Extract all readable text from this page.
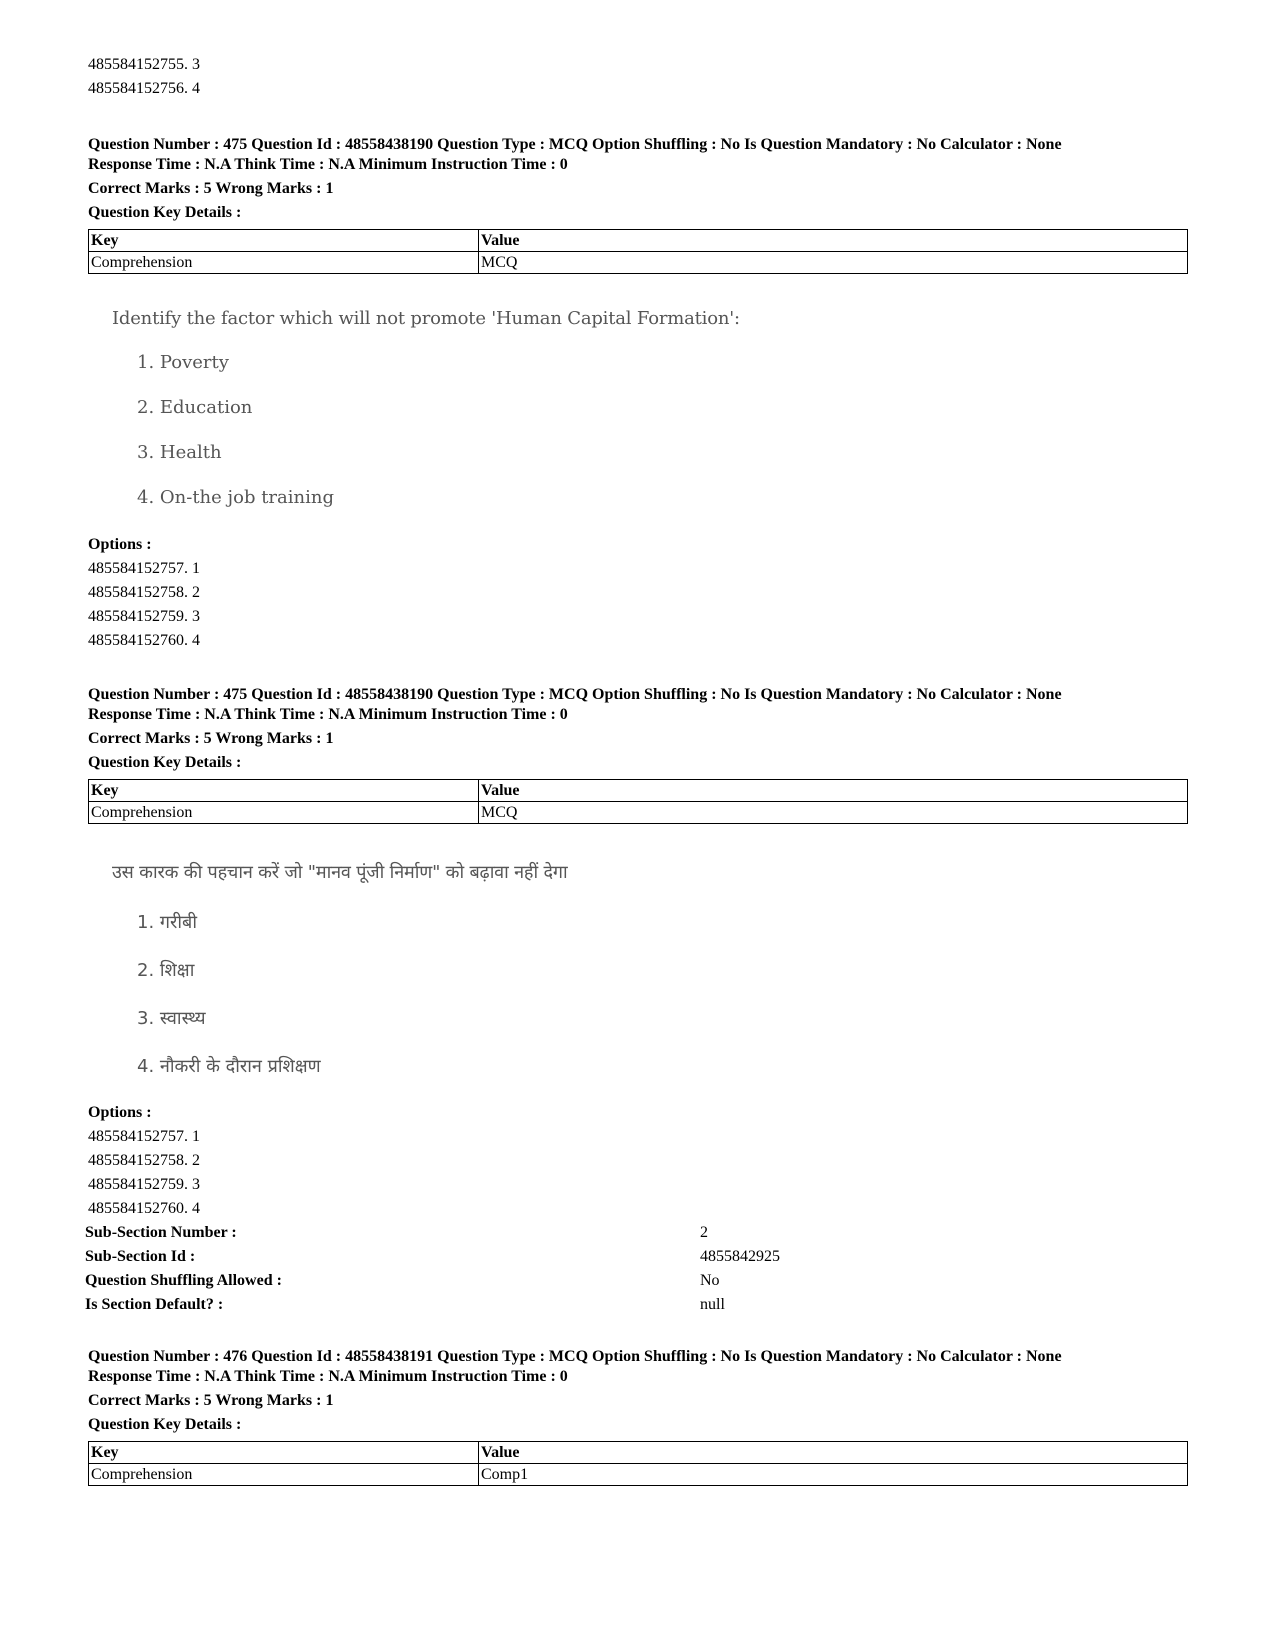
485584152755. 3
485584152756. 4
Question Number : 475 Question Id : 48558438190 Question Type : MCQ Option Shuffling : No Is Question Mandatory : No Calculator : None
Response Time : N.A Think Time : N.A Minimum Instruction Time : 0
Correct Marks : 5 Wrong Marks : 1
Question Key Details :
Key	Value
Comprehension	MCQ
Identify the factor which will not promote 'Human Capital Formation':
1. Poverty
2. Education
3. Health
4. On-the job training
Options :
485584152757. 1
485584152758. 2
485584152759. 3
485584152760. 4
Question Number : 475 Question Id : 48558438190 Question Type : MCQ Option Shuffling : No Is Question Mandatory : No Calculator : None
Response Time : N.A Think Time : N.A Minimum Instruction Time : 0
Correct Marks : 5 Wrong Marks : 1
Question Key Details :
Key	Value
Comprehension	MCQ
उस कारक की पहचान करें जो "मानव पूंजी निर्माण" को बढ़ावा नहीं देगा
1. गरीबी
2. शिक्षा
3. स्वास्थ्य
4. नौकरी के दौरान प्रशिक्षण
Options :
485584152757. 1
485584152758. 2
485584152759. 3
485584152760. 4
Sub-Section Number :	2
Sub-Section Id :	4855842925
Question Shuffling Allowed :	No
Is Section Default? :	null
Question Number : 476 Question Id : 48558438191 Question Type : MCQ Option Shuffling : No Is Question Mandatory : No Calculator : None
Response Time : N.A Think Time : N.A Minimum Instruction Time : 0
Correct Marks : 5 Wrong Marks : 1
Question Key Details :
Key	Value
Comprehension	Comp1
